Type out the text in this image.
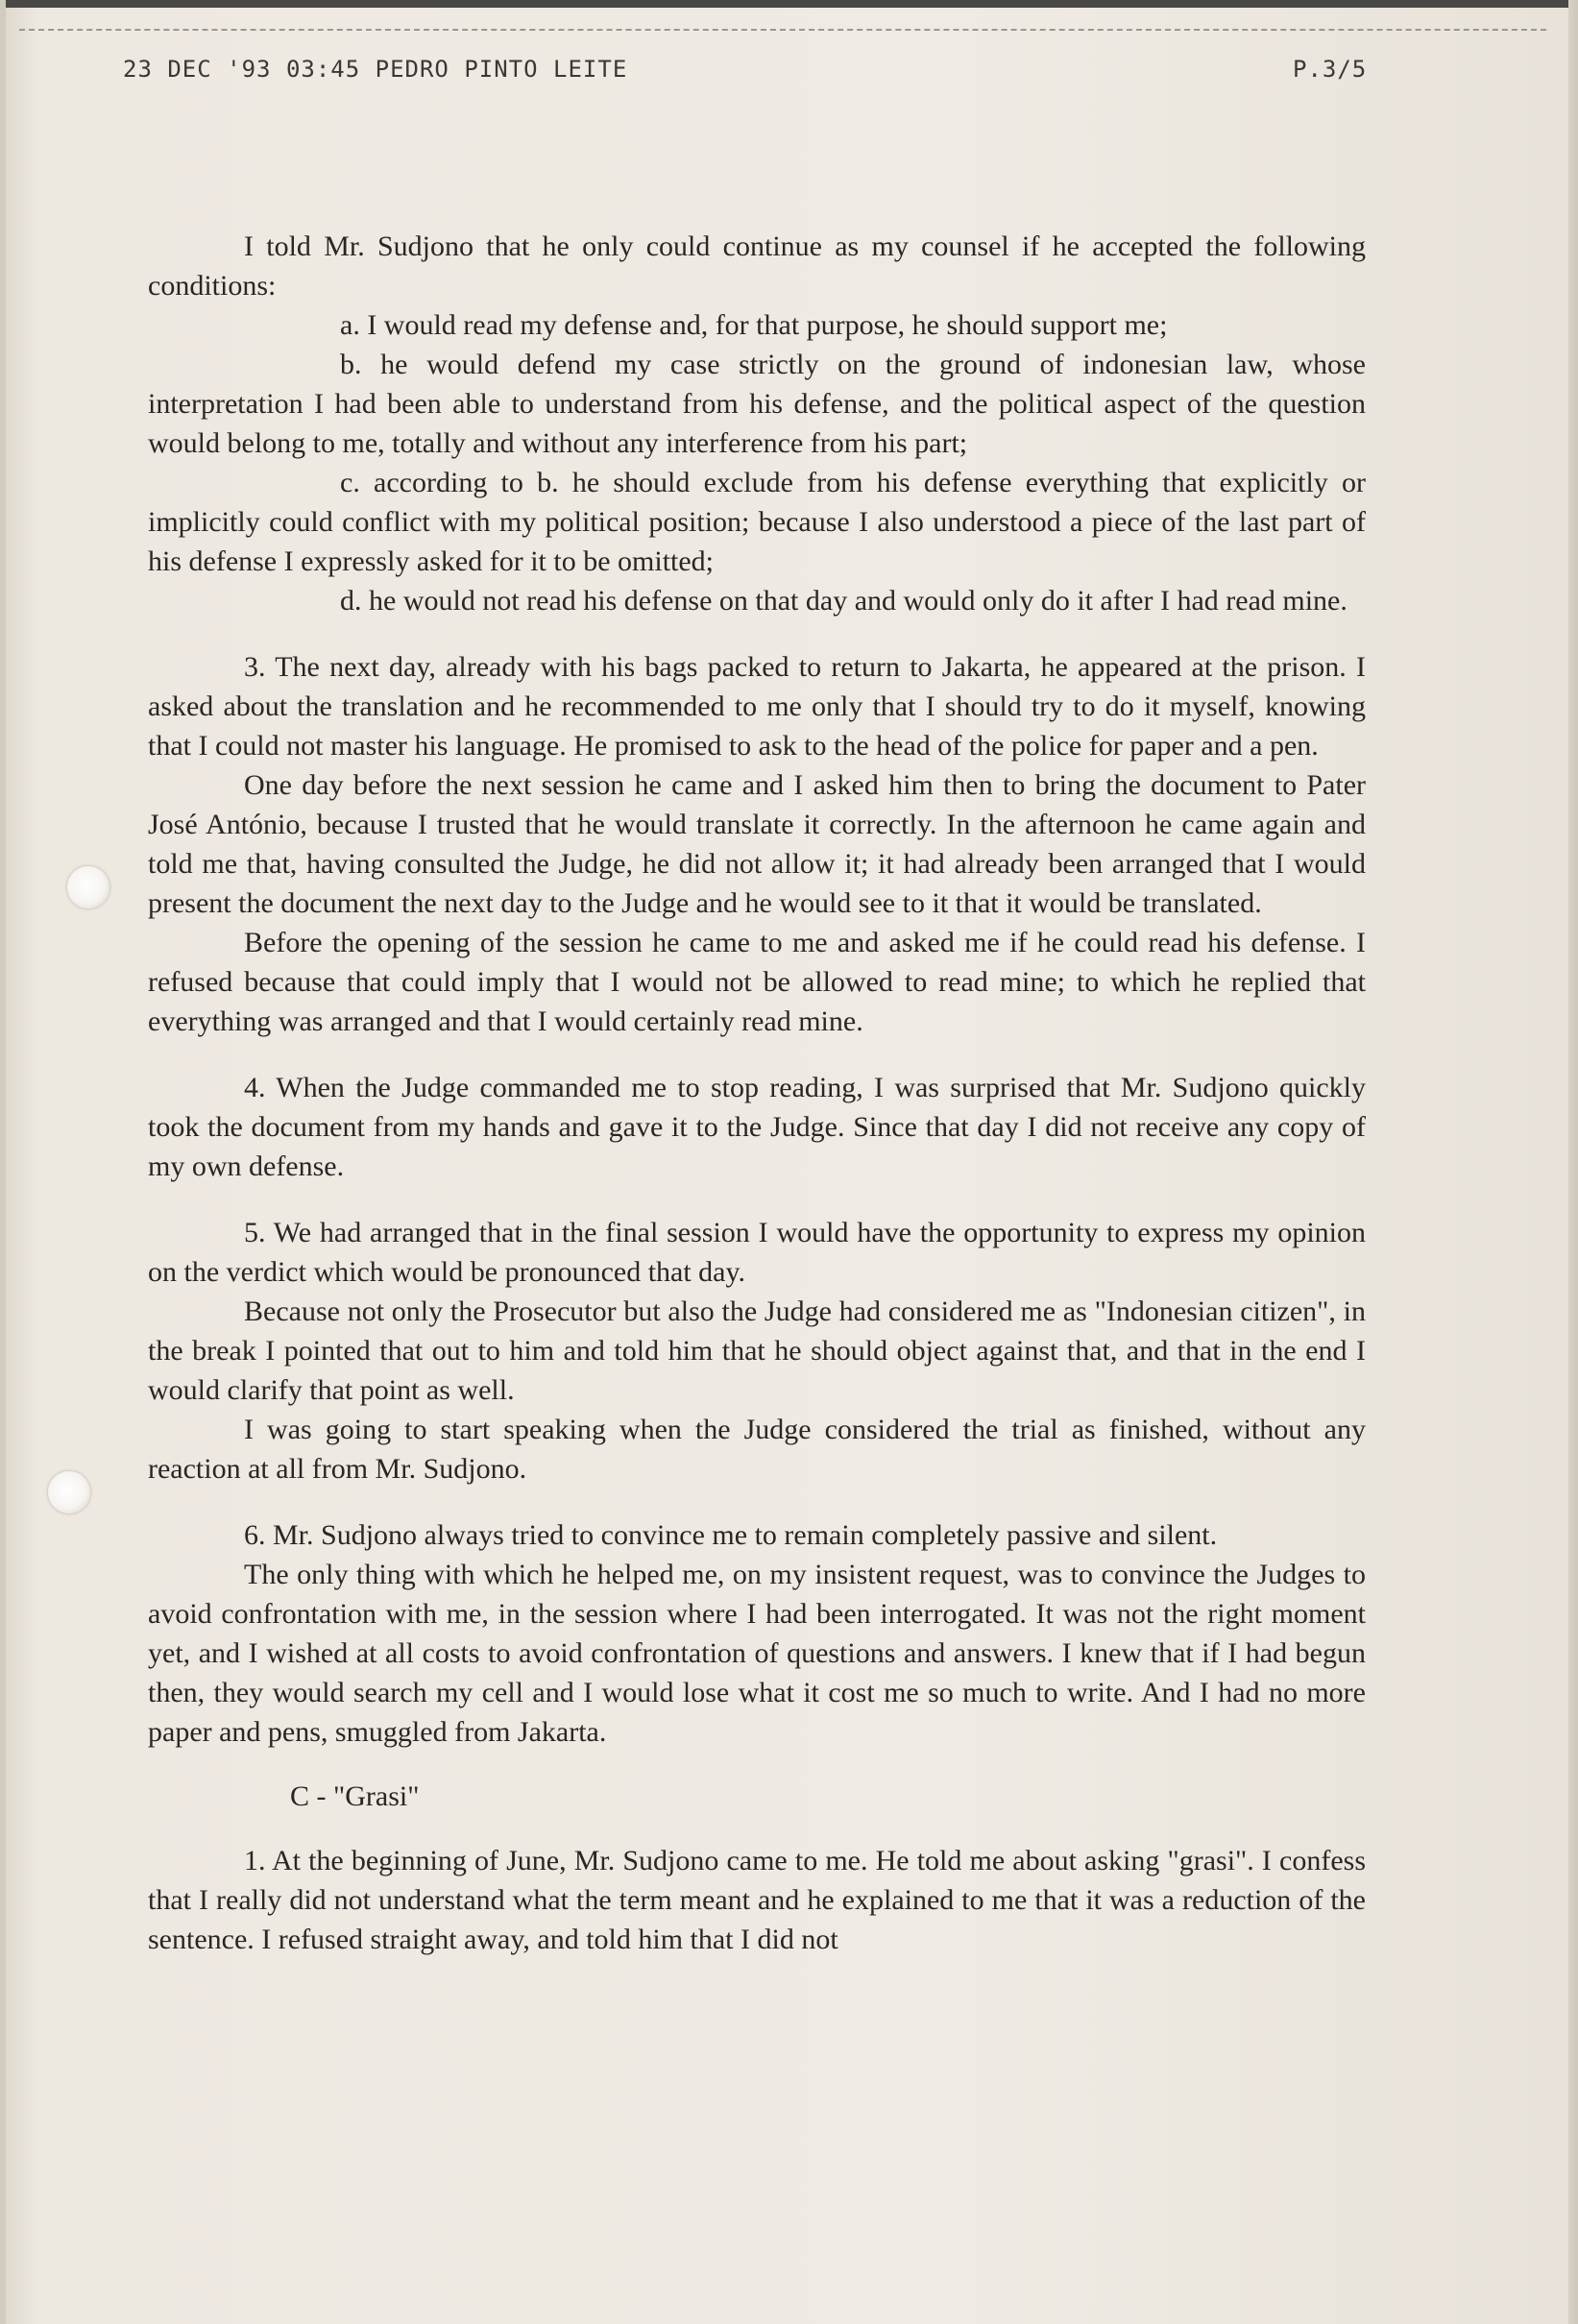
23 DEC '93 03:45 PEDRO PINTO LEITE	P.3/5

I told Mr. Sudjono that he only could continue as my counsel if he accepted the following conditions:

a. I would read my defense and, for that purpose, he should support me;

b. he would defend my case strictly on the ground of indonesian law, whose interpretation I had been able to understand from his defense, and the political aspect of the question would belong to me, totally and without any interference from his part;

c. according to b. he should exclude from his defense everything that explicitly or implicitly could conflict with my political position; because I also understood a piece of the last part of his defense I expressly asked for it to be omitted;

d. he would not read his defense on that day and would only do it after I had read mine.

3. The next day, already with his bags packed to return to Jakarta, he appeared at the prison. I asked about the translation and he recommended to me only that I should try to do it myself, knowing that I could not master his language. He promised to ask to the head of the police for paper and a pen.

One day before the next session he came and I asked him then to bring the document to Pater José António, because I trusted that he would translate it correctly. In the afternoon he came again and told me that, having consulted the Judge, he did not allow it; it had already been arranged that I would present the document the next day to the Judge and he would see to it that it would be translated.

Before the opening of the session he came to me and asked me if he could read his defense. I refused because that could imply that I would not be allowed to read mine; to which he replied that everything was arranged and that I would certainly read mine.

4. When the Judge commanded me to stop reading, I was surprised that Mr. Sudjono quickly took the document from my hands and gave it to the Judge. Since that day I did not receive any copy of my own defense.

5. We had arranged that in the final session I would have the opportunity to express my opinion on the verdict which would be pronounced that day.

Because not only the Prosecutor but also the Judge had considered me as "Indonesian citizen", in the break I pointed that out to him and told him that he should object against that, and that in the end I would clarify that point as well.

I was going to start speaking when the Judge considered the trial as finished, without any reaction at all from Mr. Sudjono.

6. Mr. Sudjono always tried to convince me to remain completely passive and silent.

The only thing with which he helped me, on my insistent request, was to convince the Judges to avoid confrontation with me, in the session where I had been interrogated. It was not the right moment yet, and I wished at all costs to avoid confrontation of questions and answers. I knew that if I had begun then, they would search my cell and I would lose what it cost me so much to write. And I had no more paper and pens, smuggled from Jakarta.

C - "Grasi"

1. At the beginning of June, Mr. Sudjono came to me. He told me about asking "grasi". I confess that I really did not understand what the term meant and he explained to me that it was a reduction of the sentence. I refused straight away, and told him that I did not
